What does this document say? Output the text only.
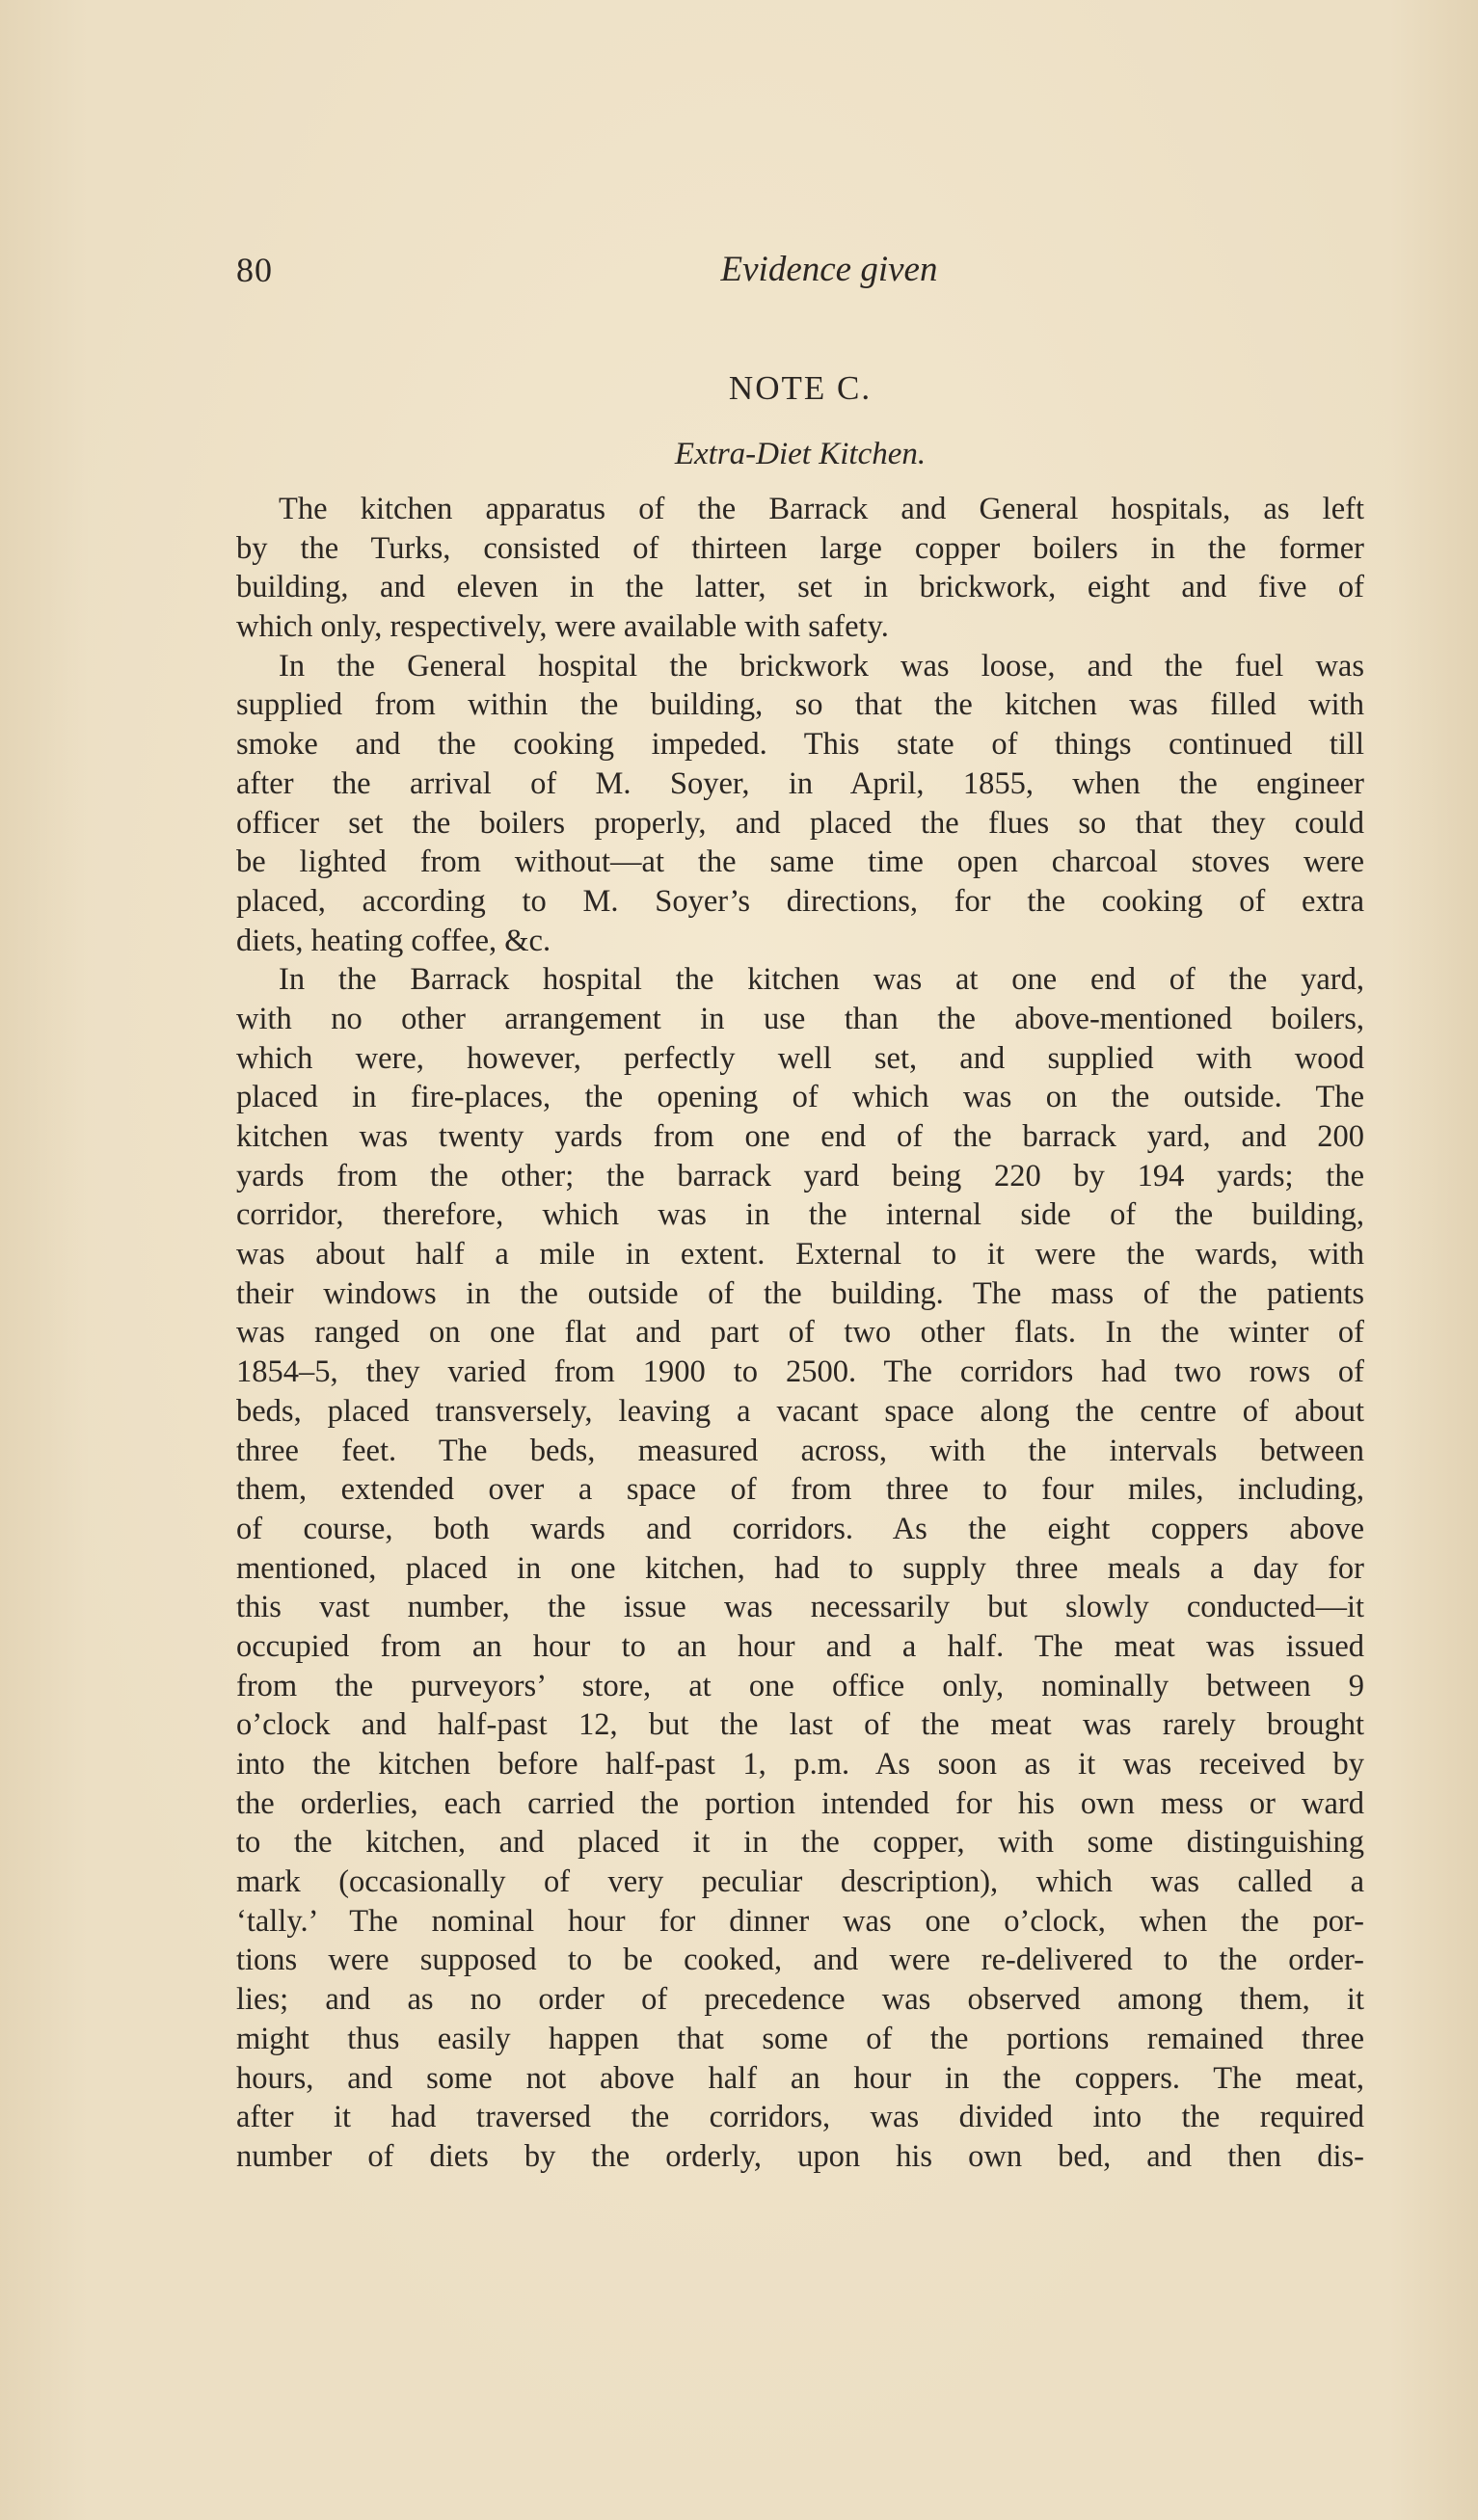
80	Evidence given
NOTE C.
Extra-Diet Kitchen.
The kitchen apparatus of the Barrack and General hospitals, as left
by the Turks, consisted of thirteen large copper boilers in the former
building, and eleven in the latter, set in brickwork, eight and five of
which only, respectively, were available with safety.
In the General hospital the brickwork was loose, and the fuel was
supplied from within the building, so that the kitchen was filled with
smoke and the cooking impeded. This state of things continued till
after the arrival of M. Soyer, in April, 1855, when the engineer
officer set the boilers properly, and placed the flues so that they could
be lighted from without—at the same time open charcoal stoves were
placed, according to M. Soyer’s directions, for the cooking of extra
diets, heating coffee, &c.
In the Barrack hospital the kitchen was at one end of the yard,
with no other arrangement in use than the above-mentioned boilers,
which were, however, perfectly well set, and supplied with wood
placed in fire-places, the opening of which was on the outside. The
kitchen was twenty yards from one end of the barrack yard, and 200
yards from the other; the barrack yard being 220 by 194 yards; the
corridor, therefore, which was in the internal side of the building,
was about half a mile in extent. External to it were the wards, with
their windows in the outside of the building. The mass of the patients
was ranged on one flat and part of two other flats. In the winter of
1854–5, they varied from 1900 to 2500. The corridors had two rows of
beds, placed transversely, leaving a vacant space along the centre of about
three feet. The beds, measured across, with the intervals between
them, extended over a space of from three to four miles, including,
of course, both wards and corridors. As the eight coppers above
mentioned, placed in one kitchen, had to supply three meals a day for
this vast number, the issue was necessarily but slowly conducted—it
occupied from an hour to an hour and a half. The meat was issued
from the purveyors’ store, at one office only, nominally between 9
o’clock and half-past 12, but the last of the meat was rarely brought
into the kitchen before half-past 1, p.m. As soon as it was received by
the orderlies, each carried the portion intended for his own mess or ward
to the kitchen, and placed it in the copper, with some distinguishing
mark (occasionally of very peculiar description), which was called a
‘tally.’ The nominal hour for dinner was one o’clock, when the por-
tions were supposed to be cooked, and were re-delivered to the order-
lies; and as no order of precedence was observed among them, it
might thus easily happen that some of the portions remained three
hours, and some not above half an hour in the coppers. The meat,
after it had traversed the corridors, was divided into the required
number of diets by the orderly, upon his own bed, and then dis-
